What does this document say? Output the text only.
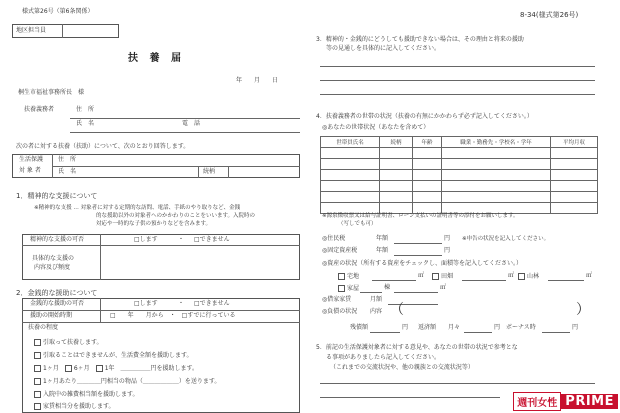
様式第26号（第6条関係）
地区担当員
扶 養 届
年　　月　　日
桐生市福祉事務所長　様
扶養義務者	住　所
氏　名	電　話
次の者に対する扶養（扶助）について、次のとおり回答します。
生活保護
対 象 者
住　所
氏　名	続柄
1．精神的な支援について
※精神的な支援 … 対象者に対する定期的な訪問、電話、手紙のやり取りなど、金銭
的な援助以外の対象者へのかかわりのことをいいます。入院時の
対応や一時的な子供の預かりなどを含みます。
精神的な支援の可否	□します	・ □できません
具体的な支援の
内容及び頻度
2．金銭的な援助について
金銭的な援助の可否	□します	・ □できません
援助の開始時期	□　　年　　月から　・　□すでに行っている
扶養の程度
引取って扶養します。
引取ることはできませんが、生活費全額を援助します。
1ヶ月　	6ヶ月　	1年　＿＿＿＿＿円を援助します。
1ヶ月あたり＿＿＿＿円相当の物品（＿＿＿＿＿＿）を送ります。
入院中の雑費相当額を援助します。
家賃相当分を援助します。
8-34(様式第26号)
3．精神的・金銭的にどうしても援助できない場合は、その理由と将来の援助
等の見通しを具体的に記入してください。
4．扶養義務者の世帯の状況（扶養の有無にかかわらず必ず記入してください。）
◎あなたの世帯状況（あなたを含めて）
世帯員氏名	続柄	年齢	職業・勤務先・学校名・学年	平均月収

※源泉徴収票又は給与証明書、ローン支払いの証明書等の添付をお願いします。
（写しでも可）
◎住民税	年額	円 ※申告の状況を記入してください。
◎固定資産税	年額	円
◎資産の状況（所有する資産をチェックし、面積等を記入してください。）
宅地	㎡	田畑	㎡	山林	㎡
家屋	棟	㎡
◎借家家賃	月額
◎負債の状況 内容 （	）
残債額	円 返済額 月々	円 ボーナス時	円
5．前記の生活保護対象者に対する意見や、あなたの世帯の状況で参考とな
る事項がありましたら記入してください。
（これまでの交流状況や、他の親族との交流状況等）
週刊女性 PRIME
